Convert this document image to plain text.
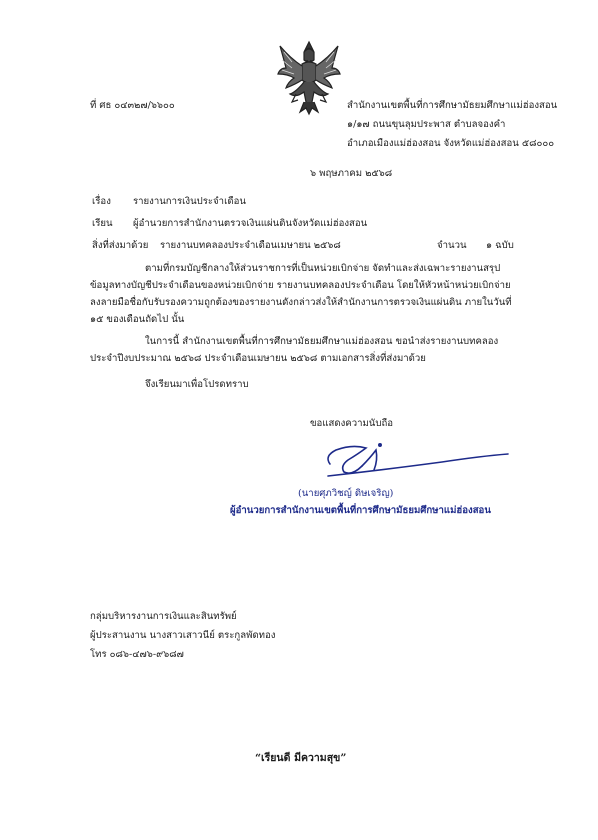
ที่ ศธ ๐๔๓๒๗/๖๖๐๐	สำนักงานเขตพื้นที่การศึกษามัธยมศึกษาแม่ฮ่องสอน
๑/๑๗ ถนนขุนลุมประพาส ตำบลจองคำ
อำเภอเมืองแม่ฮ่องสอน จังหวัดแม่ฮ่องสอน ๕๘๐๐๐
๖ พฤษภาคม ๒๕๖๘
เรื่อง รายงานการเงินประจำเดือน
เรียน ผู้อำนวยการสำนักงานตรวจเงินแผ่นดินจังหวัดแม่ฮ่องสอน
สิ่งที่ส่งมาด้วย รายงานบทคลองประจำเดือนเมษายน ๒๕๖๘	จำนวน ๑ ฉบับ
ตามที่กรมบัญชีกลางให้ส่วนราชการที่เป็นหน่วยเบิกจ่าย จัดทำและส่งเฉพาะรายงานสรุป
ข้อมูลทางบัญชีประจำเดือนของหน่วยเบิกจ่าย รายงานบทคลองประจำเดือน โดยให้หัวหน้าหน่วยเบิกจ่าย
ลงลายมือชื่อกับรับรองความถูกต้องของรายงานดังกล่าวส่งให้สำนักงานการตรวจเงินแผ่นดิน ภายในวันที่
๑๕ ของเดือนถัดไป นั้น
ในการนี้ สำนักงานเขตพื้นที่การศึกษามัธยมศึกษาแม่ฮ่องสอน ขอนำส่งรายงานบทคลอง
ประจำปีงบประมาณ ๒๕๖๘ ประจำเดือนเมษายน ๒๕๖๘ ตามเอกสารสิ่งที่ส่งมาด้วย
จึงเรียนมาเพื่อโปรดทราบ
ขอแสดงความนับถือ
(นายศุภวิชญ์ ดิษเจริญ)
ผู้อำนวยการสำนักงานเขตพื้นที่การศึกษามัธยมศึกษาแม่ฮ่องสอน
กลุ่มบริหารงานการเงินและสินทรัพย์
ผู้ประสานงาน นางสาวเสาวนีย์ ตระกูลพัดทอง
โทร ๐๘๖-๔๗๖-๙๖๘๗
“เรียนดี มีความสุข”
